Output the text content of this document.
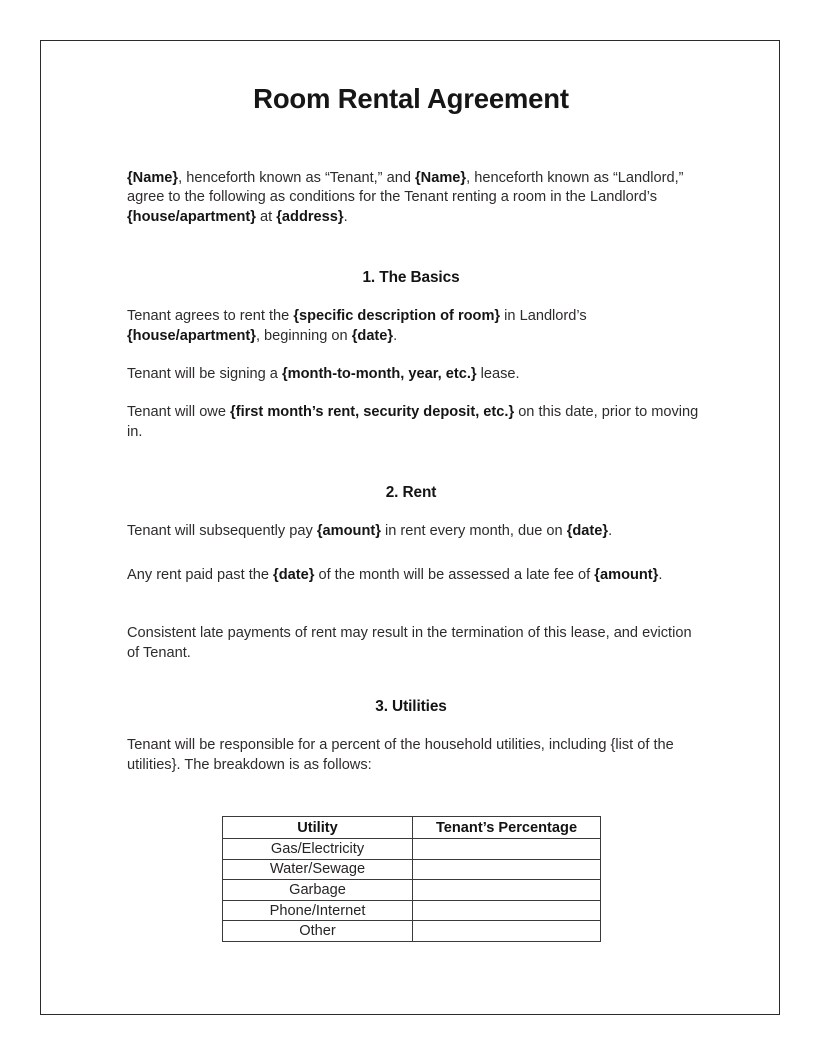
Room Rental Agreement

{Name}, henceforth known as “Tenant,” and {Name}, henceforth known as “Landlord,” agree to the following as conditions for the Tenant renting a room in the Landlord’s {house/apartment} at {address}.

1. The Basics

Tenant agrees to rent the {specific description of room} in Landlord’s {house/apartment}, beginning on {date}.

Tenant will be signing a {month-to-month, year, etc.} lease.

Tenant will owe {first month’s rent, security deposit, etc.} on this date, prior to moving in.

2. Rent

Tenant will subsequently pay {amount} in rent every month, due on {date}.

Any rent paid past the {date} of the month will be assessed a late fee of {amount}.

Consistent late payments of rent may result in the termination of this lease, and eviction of Tenant.

3. Utilities

Tenant will be responsible for a percent of the household utilities, including {list of the utilities}. The breakdown is as follows:

Utility	Tenant’s Percentage
Gas/Electricity	
Water/Sewage	
Garbage	
Phone/Internet	
Other	
